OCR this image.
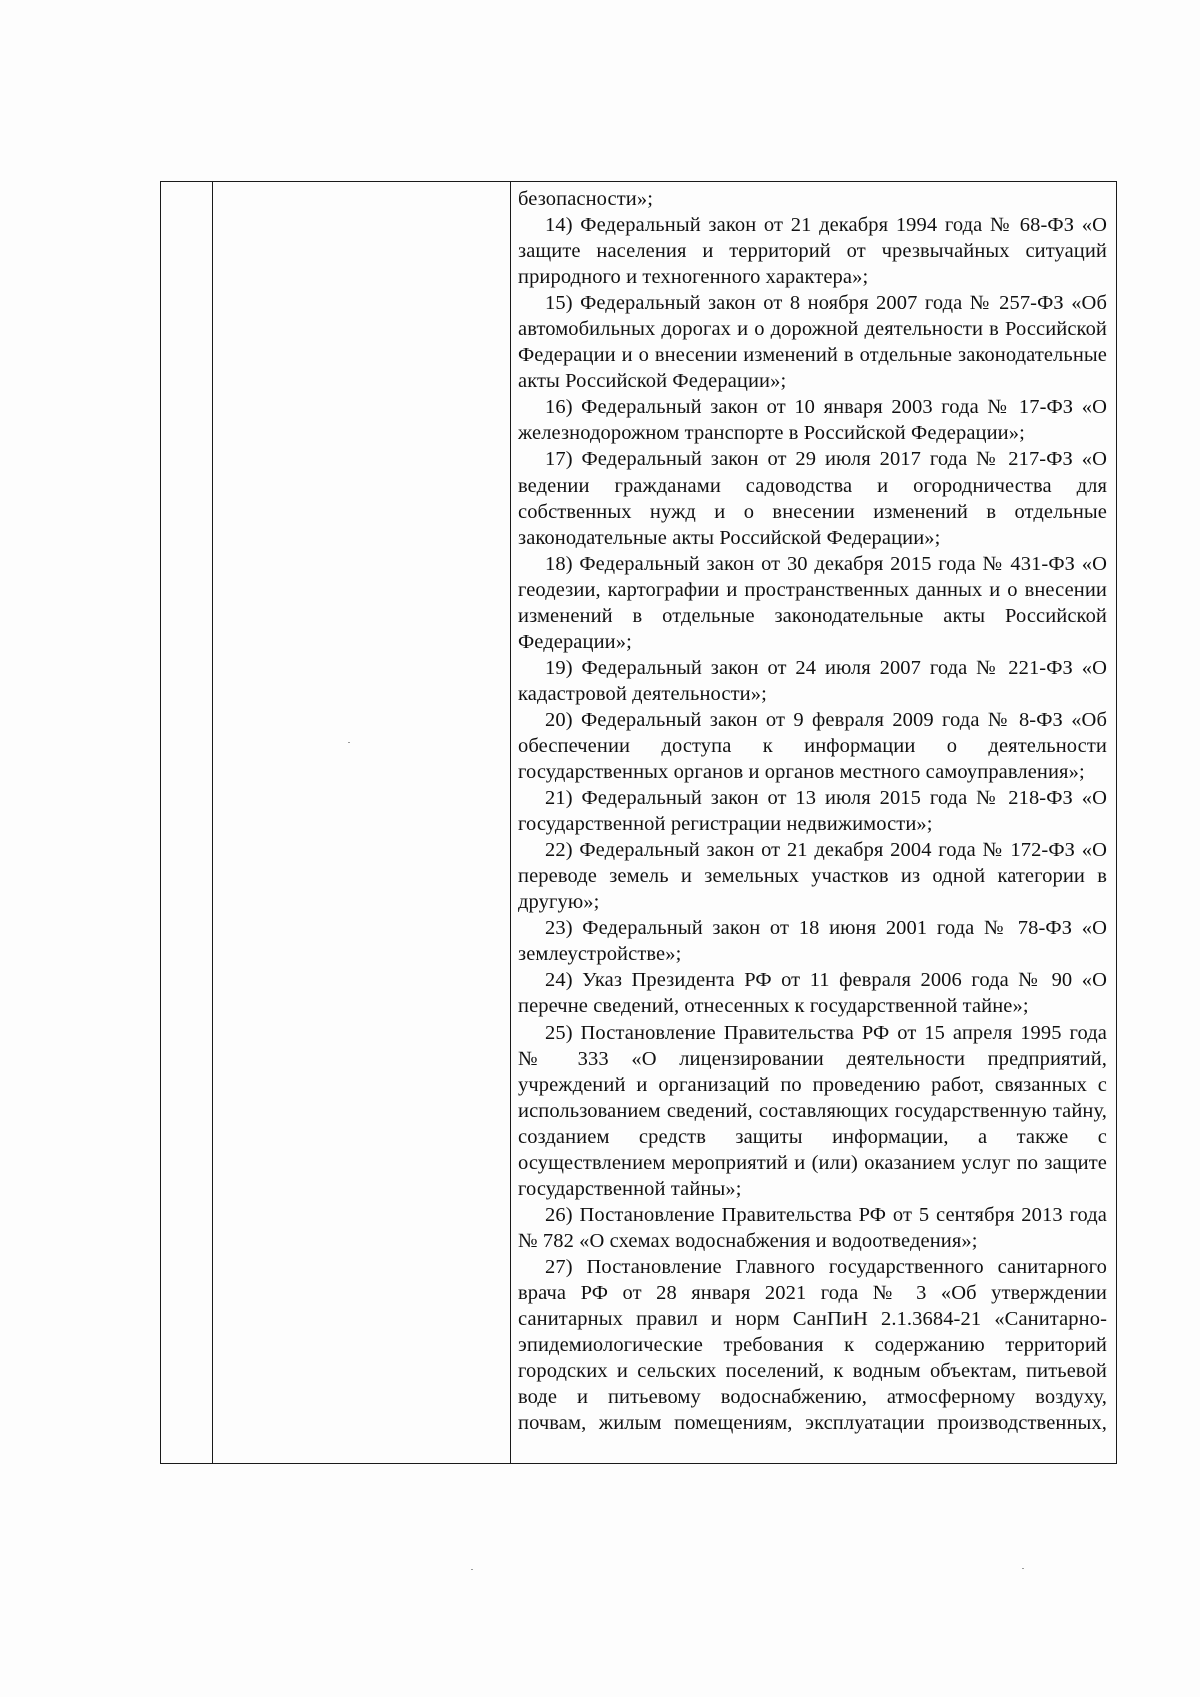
безопасности»;

14) Федеральный закон от 21 декабря 1994 года № 68-ФЗ «О защите населения и территорий от чрезвычайных ситуаций природного и техногенного характера»;

15) Федеральный закон от 8 ноября 2007 года № 257-ФЗ «Об автомобильных дорогах и о дорожной деятельности в Российской Федерации и о внесении изменений в отдельные законодательные акты Российской Федерации»;

16) Федеральный закон от 10 января 2003 года № 17-ФЗ «О железнодорожном транспорте в Российской Федерации»;

17) Федеральный закон от 29 июля 2017 года № 217-ФЗ «О ведении гражданами садоводства и огородничества для собственных нужд и о внесении изменений в отдельные законодательные акты Российской Федерации»;

18) Федеральный закон от 30 декабря 2015 года № 431-ФЗ «О геодезии, картографии и пространственных данных и о внесении изменений в отдельные законодательные акты Российской Федерации»;

19) Федеральный закон от 24 июля 2007 года № 221-ФЗ «О кадастровой деятельности»;

20) Федеральный закон от 9 февраля 2009 года № 8-ФЗ «Об обеспечении доступа к информации о деятельности государственных органов и органов местного самоуправления»;

21) Федеральный закон от 13 июля 2015 года № 218-ФЗ «О государственной регистрации недвижимости»;

22) Федеральный закон от 21 декабря 2004 года № 172-ФЗ «О переводе земель и земельных участков из одной категории в другую»;

23) Федеральный закон от 18 июня 2001 года № 78-ФЗ «О землеустройстве»;

24) Указ Президента РФ от 11 февраля 2006 года № 90 «О перечне сведений, отнесенных к государственной тайне»;

25) Постановление Правительства РФ от 15 апреля 1995 года № 333 «О лицензировании деятельности предприятий, учреждений и организаций по проведению работ, связанных с использованием сведений, составляющих государственную тайну, созданием средств защиты информации, а также с осуществлением мероприятий и (или) оказанием услуг по защите государственной тайны»;

26) Постановление Правительства РФ от 5 сентября 2013 года № 782 «О схемах водоснабжения и водоотведения»;

27) Постановление Главного государственного санитарного врача РФ от 28 января 2021 года № 3 «Об утверждении санитарных правил и норм СанПиН 2.1.3684-21 «Санитарно-эпидемиологические требования к содержанию территорий городских и сельских поселений, к водным объектам, питьевой воде и питьевому водоснабжению, атмосферному воздуху, почвам, жилым помещениям, эксплуатации производственных,
